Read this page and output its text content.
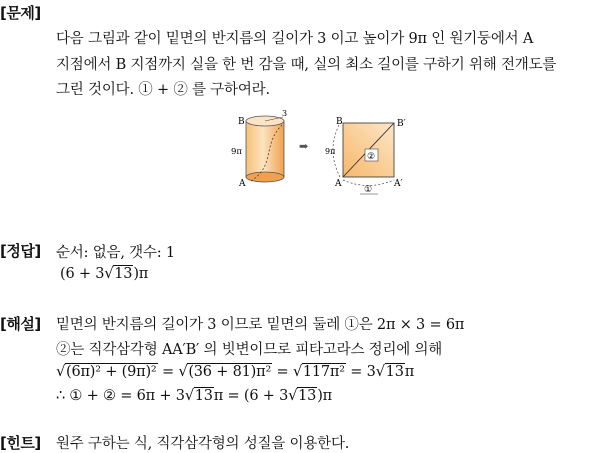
[문제]
다음 그림과 같이 밑면의 반지름의 길이가 3 이고 높이가 9π 인 원기둥에서 A
지점에서 B 지점까지 실을 한 번 감을 때, 실의 최소 길이를 구하기 위해 전개도를
그린 것이다. ① + ② 를 구하여라.
B
A
9π
3
➡
②
B	B′
A	A′
9π
①
[정답] 순서: 없음, 갯수: 1
(6 + 3 √ 13)π
[해설] 밑면의 반지름의 길이가 3 이므로 밑면의 둘레 ①은 2π × 3 = 6π
②는 직각삼각형 AA′B′ 의 빗변이므로 피타고라스 정리에 의해
√ (6π)² + (9π)² = √ (36 + 81)π² = √ 117π² = 3 √ 13π
∴ ① + ② = 6π + 3 √ 13π = (6 + 3 √ 13)π
[힌트] 원주 구하는 식, 직각삼각형의 성질을 이용한다.
